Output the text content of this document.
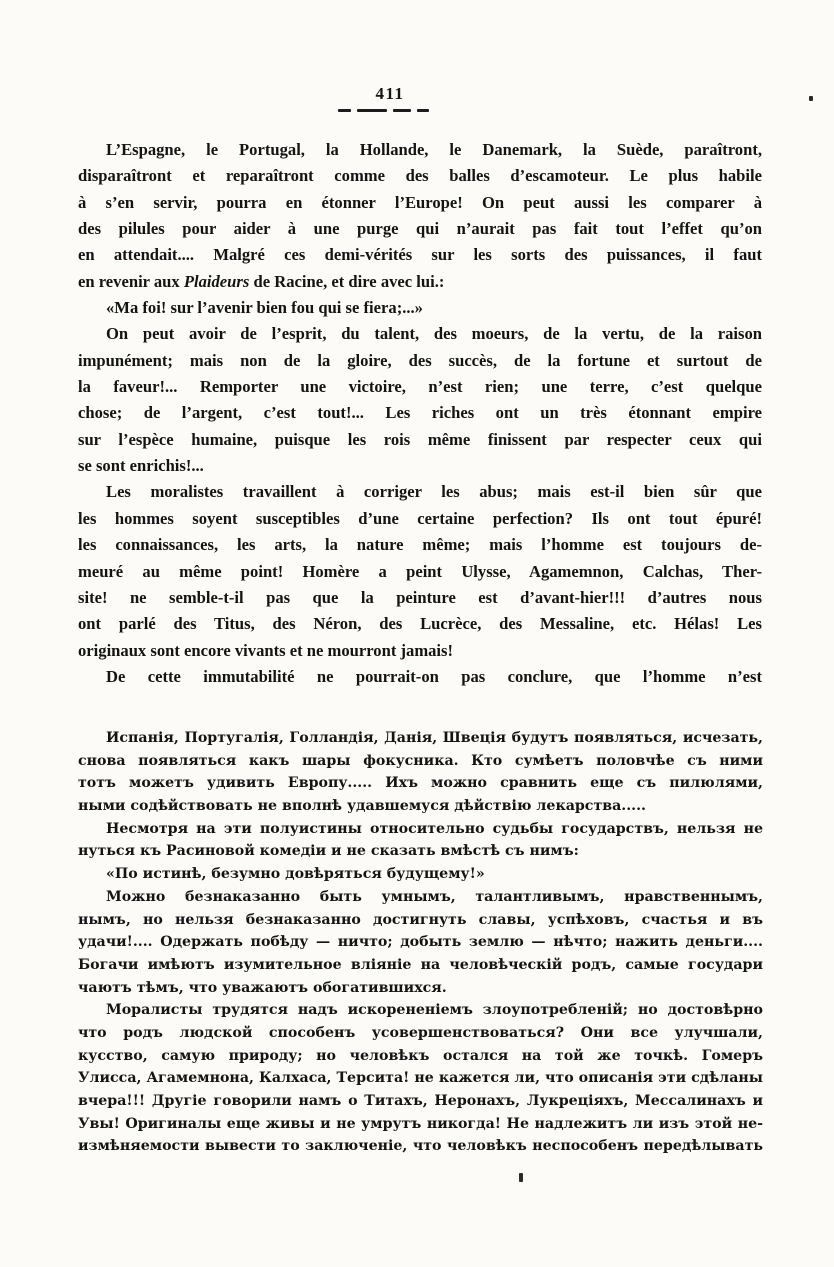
411
L’Espagne, le Portugal, la Hollande, le Danemark, la Suède, paraîtront,
disparaîtront et reparaîtront comme des balles d’escamoteur. Le plus habile
à s’en servir, pourra en étonner l’Europe! On peut aussi les comparer à
des pilules pour aider à une purge qui n’aurait pas fait tout l’effet qu’on
en attendait.... Malgré ces demi-vérités sur les sorts des puissances, il faut
en revenir aux Plaideurs de Racine, et dire avec lui.:
«Ma foi! sur l’avenir bien fou qui se fiera;...»
On peut avoir de l’esprit, du talent, des moeurs, de la vertu, de la raison
impunément; mais non de la gloire, des succès, de la fortune et surtout de
la faveur!... Remporter une victoire, n’est rien; une terre, c’est quelque
chose; de l’argent, c’est tout!... Les riches ont un très étonnant empire
sur l’espèce humaine, puisque les rois même finissent par respecter ceux qui
se sont enrichis!...
Les moralistes travaillent à corriger les abus; mais est-il bien sûr que
les hommes soyent susceptibles d’une certaine perfection? Ils ont tout épuré!
les connaissances, les arts, la nature même; mais l’homme est toujours de-
meuré au même point! Homère a peint Ulysse, Agamemnon, Calchas, Ther-
site! ne semble-t-il pas que la peinture est d’avant-hier!!! d’autres nous
ont parlé des Titus, des Néron, des Lucrèce, des Messaline, etc. Hélas! Les
originaux sont encore vivants et ne mourront jamais!
De cette immutabilité ne pourrait-on pas conclure, que l’homme n’est
Испанія, Португалія, Голландія, Данія, Швеція будутъ появляться, исчезать,
снова появляться какъ шары фокусника. Кто сумѣетъ половчѣе съ ними
тотъ можетъ удивить Европу..... Ихъ можно сравнить еще съ пилюлями,
ными содѣйствовать не вполнѣ удавшемуся дѣйствію лекарства.....
Несмотря на эти полуистины относительно судьбы государствъ, нельзя не
нуться къ Расиновой комедіи и не сказать вмѣстѣ съ нимъ:
«По истинѣ, безумно довѣряться будущему!»
Можно безнаказанно быть умнымъ, талантливымъ, нравственнымъ,
нымъ, но нельзя безнаказанно достигнуть славы, успѣховъ, счастья и въ
удачи!.... Одержать побѣду — ничто; добыть землю — нѣчто; нажить деньги....
Богачи имѣютъ изумительное вліяніе на человѣческій родъ, самые государи
чаютъ тѣмъ, что уважаютъ обогатившихся.
Моралисты трудятся надъ искорененіемъ злоупотребленій; но достовѣрно
что родъ людской способенъ усовершенствоваться? Они все улучшали,
кусство, самую природу; но человѣкъ остался на той же точкѣ. Гомеръ
Улисса, Агамемнона, Калхаса, Терсита! не кажется ли, что описанія эти сдѣланы
вчера!!! Другіе говорили намъ о Титахъ, Неронахъ, Лукреціяхъ, Мессалинахъ и
Увы! Оригиналы еще живы и не умрутъ никогда! Не надлежитъ ли изъ этой не-
измѣняемости вывести то заключеніе, что человѣкъ неспособенъ передѣлывать
